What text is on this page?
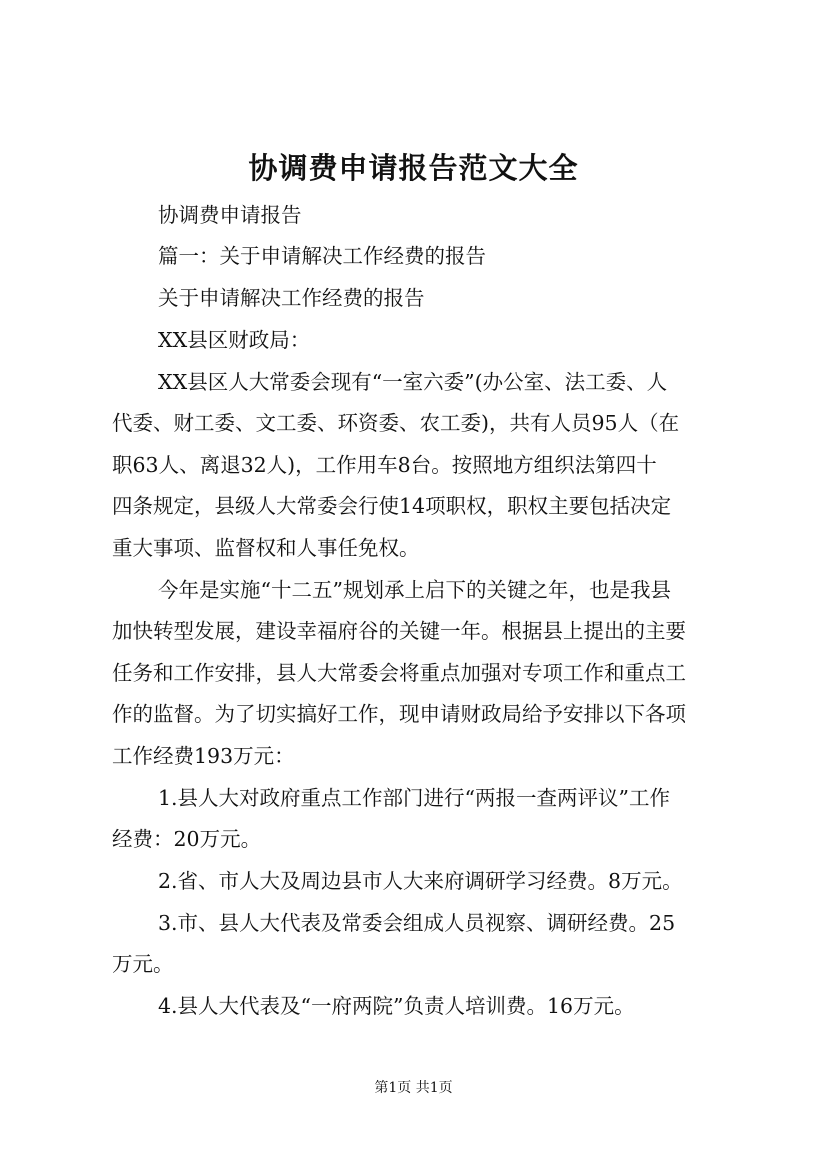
协调费申请报告范文大全
协调费申请报告
篇一：关于申请解决工作经费的报告
关于申请解决工作经费的报告
XX县区财政局：
XX县区人大常委会现有“一室六委”(办公室、法工委、人
代委、财工委、文工委、环资委、农工委)，共有人员95人（在
职63人、离退32人)，工作用车8台。按照地方组织法第四十
四条规定，县级人大常委会行使14项职权，职权主要包括决定
重大事项、监督权和人事任免权。
今年是实施“十二五”规划承上启下的关键之年，也是我县
加快转型发展，建设幸福府谷的关键一年。根据县上提出的主要
任务和工作安排，县人大常委会将重点加强对专项工作和重点工
作的监督。为了切实搞好工作，现申请财政局给予安排以下各项
工作经费193万元：
1.县人大对政府重点工作部门进行“两报一查两评议”工作
经费：20万元。
2.省、市人大及周边县市人大来府调研学习经费。8万元。
3.市、县人大代表及常委会组成人员视察、调研经费。25
万元。
4.县人大代表及“一府两院”负责人培训费。16万元。
第1页 共1页
